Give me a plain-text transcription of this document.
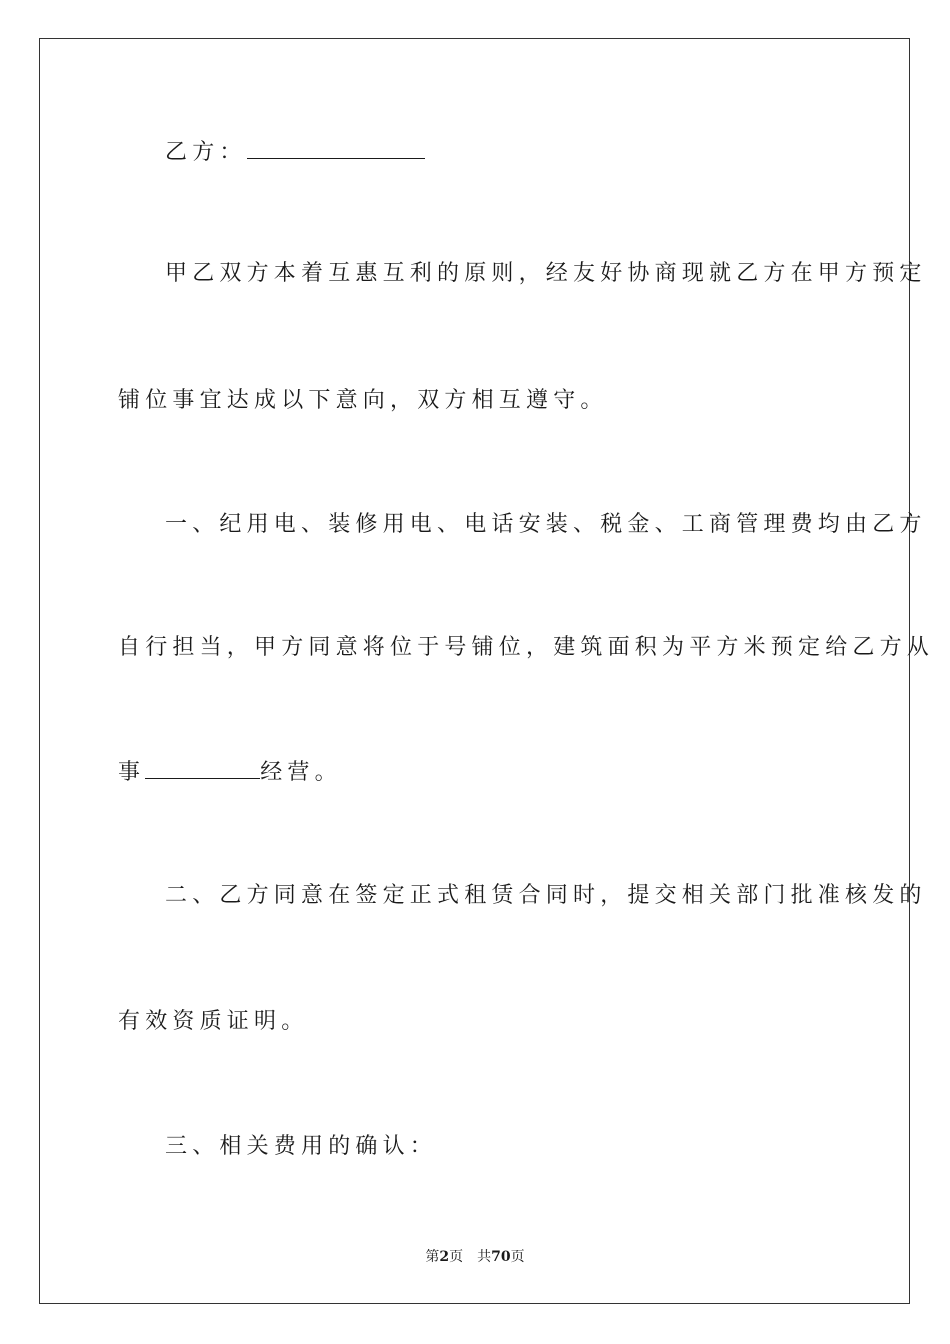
乙方：
甲乙双方本着互惠互利的原则，经友好协商现就乙方在甲方预定
铺位事宜达成以下意向，双方相互遵守。
一、纪用电、装修用电、电话安装、税金、工商管理费均由乙方
自行担当，甲方同意将位于号铺位，建筑面积为平方米预定给乙方从
事	经营。
二、乙方同意在签定正式租赁合同时，提交相关部门批准核发的
有效资质证明。
三、相关费用的确认：
第2页 共70页
